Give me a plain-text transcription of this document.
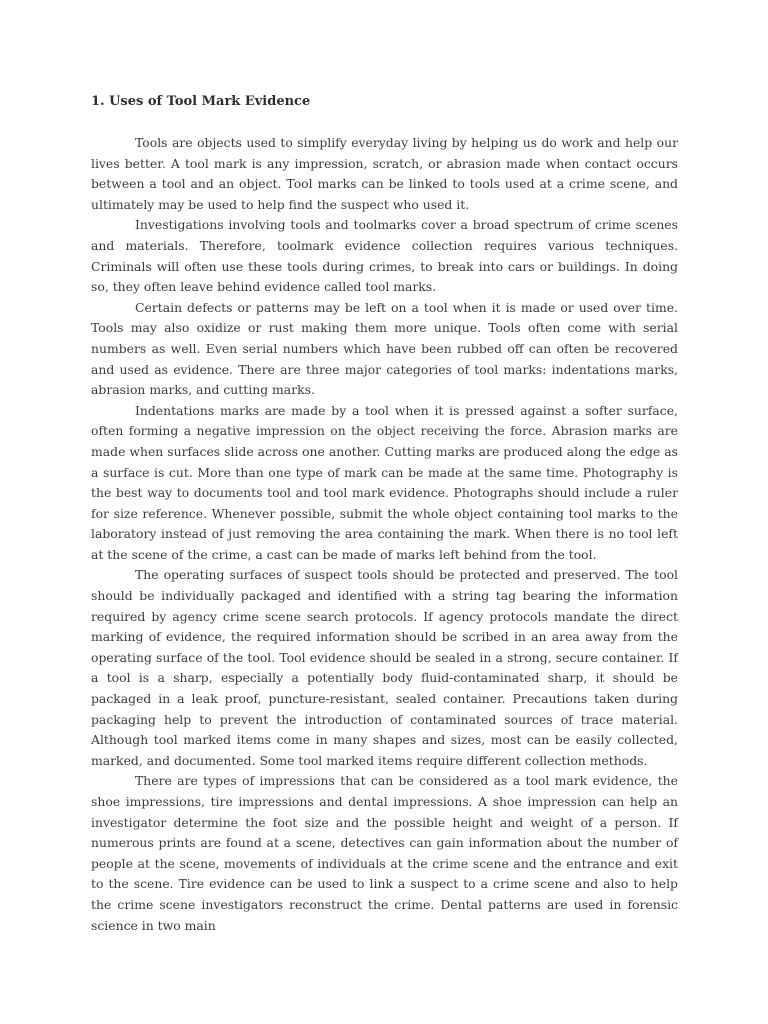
1. Uses of Tool Mark Evidence

Tools are objects used to simplify everyday living by helping us do work and help our lives better. A tool mark is any impression, scratch, or abrasion made when contact occurs between a tool and an object. Tool marks can be linked to tools used at a crime scene, and ultimately may be used to help find the suspect who used it.

Investigations involving tools and toolmarks cover a broad spectrum of crime scenes and materials. Therefore, toolmark evidence collection requires various techniques. Criminals will often use these tools during crimes, to break into cars or buildings. In doing so, they often leave behind evidence called tool marks.

Certain defects or patterns may be left on a tool when it is made or used over time. Tools may also oxidize or rust making them more unique. Tools often come with serial numbers as well. Even serial numbers which have been rubbed off can often be recovered and used as evidence. There are three major categories of tool marks: indentations marks, abrasion marks, and cutting marks.

Indentations marks are made by a tool when it is pressed against a softer surface, often forming a negative impression on the object receiving the force. Abrasion marks are made when surfaces slide across one another. Cutting marks are produced along the edge as a surface is cut. More than one type of mark can be made at the same time. Photography is the best way to documents tool and tool mark evidence. Photographs should include a ruler for size reference. Whenever possible, submit the whole object containing tool marks to the laboratory instead of just removing the area containing the mark. When there is no tool left at the scene of the crime, a cast can be made of marks left behind from the tool.

The operating surfaces of suspect tools should be protected and preserved. The tool should be individually packaged and identified with a string tag bearing the information required by agency crime scene search protocols. If agency protocols mandate the direct marking of evidence, the required information should be scribed in an area away from the operating surface of the tool. Tool evidence should be sealed in a strong, secure container. If a tool is a sharp, especially a potentially body fluid-contaminated sharp, it should be packaged in a leak proof, puncture-resistant, sealed container. Precautions taken during packaging help to prevent the introduction of contaminated sources of trace material. Although tool marked items come in many shapes and sizes, most can be easily collected, marked, and documented. Some tool marked items require different collection methods.

There are types of impressions that can be considered as a tool mark evidence, the shoe impressions, tire impressions and dental impressions. A shoe impression can help an investigator determine the foot size and the possible height and weight of a person. If numerous prints are found at a scene, detectives can gain information about the number of people at the scene, movements of individuals at the crime scene and the entrance and exit to the scene. Tire evidence can be used to link a suspect to a crime scene and also to help the crime scene investigators reconstruct the crime. Dental patterns are used in forensic science in two main
